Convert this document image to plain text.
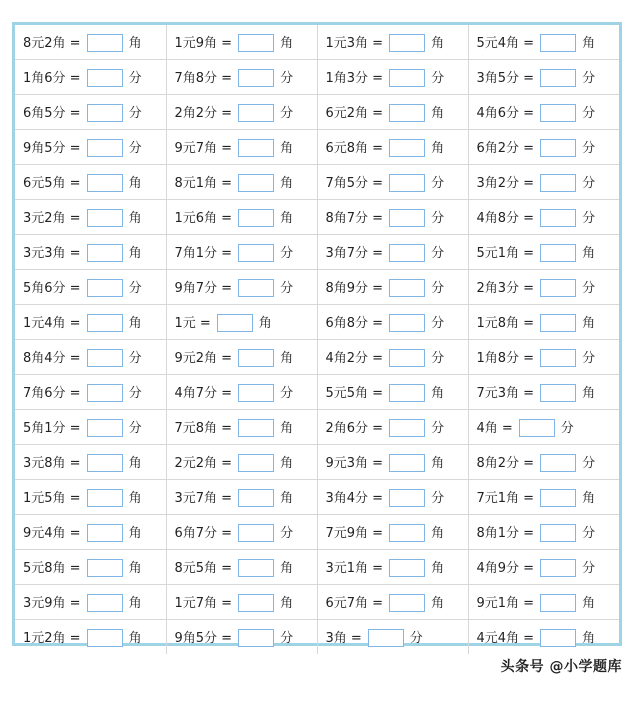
8元2角 = 角	1元9角 = 角	1元3角 = 角	5元4角 = 角
1角6分 = 分	7角8分 = 分	1角3分 = 分	3角5分 = 分
6角5分 = 分	2角2分 = 分	6元2角 = 角	4角6分 = 分
9角5分 = 分	9元7角 = 角	6元8角 = 角	6角2分 = 分
6元5角 = 角	8元1角 = 角	7角5分 = 分	3角2分 = 分
3元2角 = 角	1元6角 = 角	8角7分 = 分	4角8分 = 分
3元3角 = 角	7角1分 = 分	3角7分 = 分	5元1角 = 角
5角6分 = 分	9角7分 = 分	8角9分 = 分	2角3分 = 分
1元4角 = 角	1元 = 角	6角8分 = 分	1元8角 = 角
8角4分 = 分	9元2角 = 角	4角2分 = 分	1角8分 = 分
7角6分 = 分	4角7分 = 分	5元5角 = 角	7元3角 = 角
5角1分 = 分	7元8角 = 角	2角6分 = 分	4角 = 分
3元8角 = 角	2元2角 = 角	9元3角 = 角	8角2分 = 分
1元5角 = 角	3元7角 = 角	3角4分 = 分	7元1角 = 角
9元4角 = 角	6角7分 = 分	7元9角 = 角	8角1分 = 分
5元8角 = 角	8元5角 = 角	3元1角 = 角	4角9分 = 分
3元9角 = 角	1元7角 = 角	6元7角 = 角	9元1角 = 角
1元2角 = 角	9角5分 = 分	3角 = 分	4元4角 = 角
头条号 @小学题库
